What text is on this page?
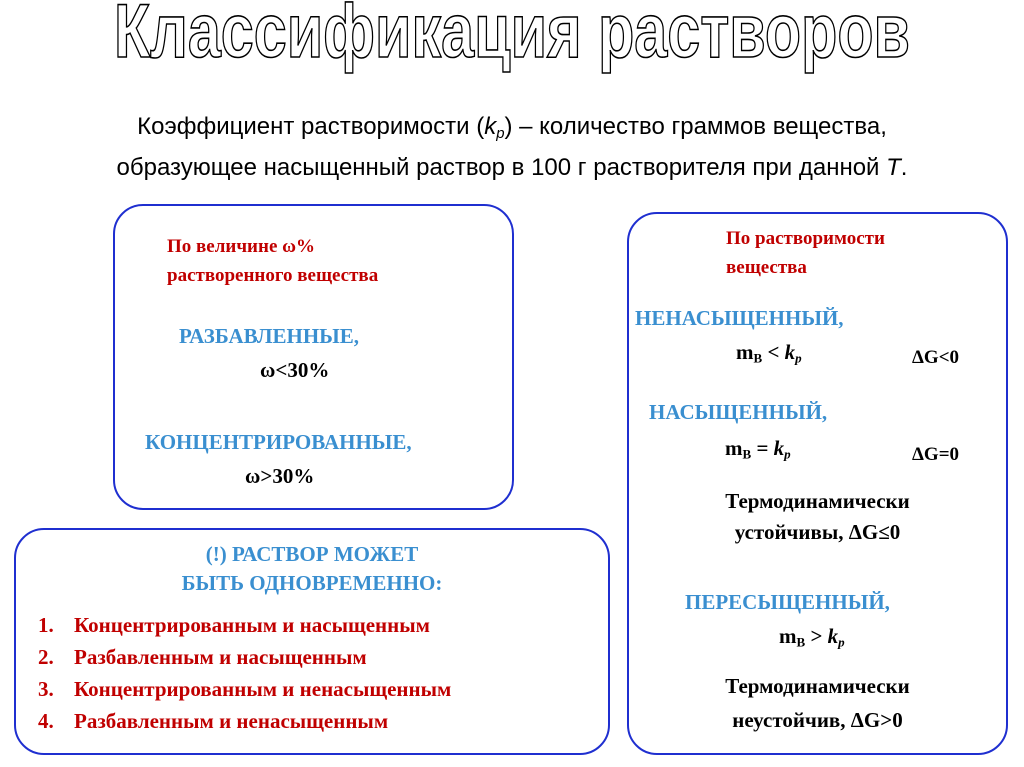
Классификация растворов
Коэффициент растворимости $(k_p)$ – количество граммов вещества,
образующее насыщенный раствор в 100 г растворителя при данной T.
По величине ω%
растворенного вещества
РАЗБАВЛЕННЫЕ,
ω<30%
КОНЦЕНТРИРОВАННЫЕ,
ω>30%
(!) РАСТВОР МОЖЕТ
БЫТЬ ОДНОВРЕМЕННО:
1. Концентрированным и насыщенным
2. Разбавленным и насыщенным
3. Концентрированным и ненасыщенным
4. Разбавленным и ненасыщенным
По растворимости
вещества
НЕНАСЫЩЕННЫЙ,
$m_B < k_p$	ΔG<0
НАСЫЩЕННЫЙ,
$m_B = k_p$	ΔG=0
Термодинамически
устойчивы, ΔG≤0
ПЕРЕСЫЩЕННЫЙ,
$m_B > k_p$
Термодинамически
неустойчив, ΔG>0
